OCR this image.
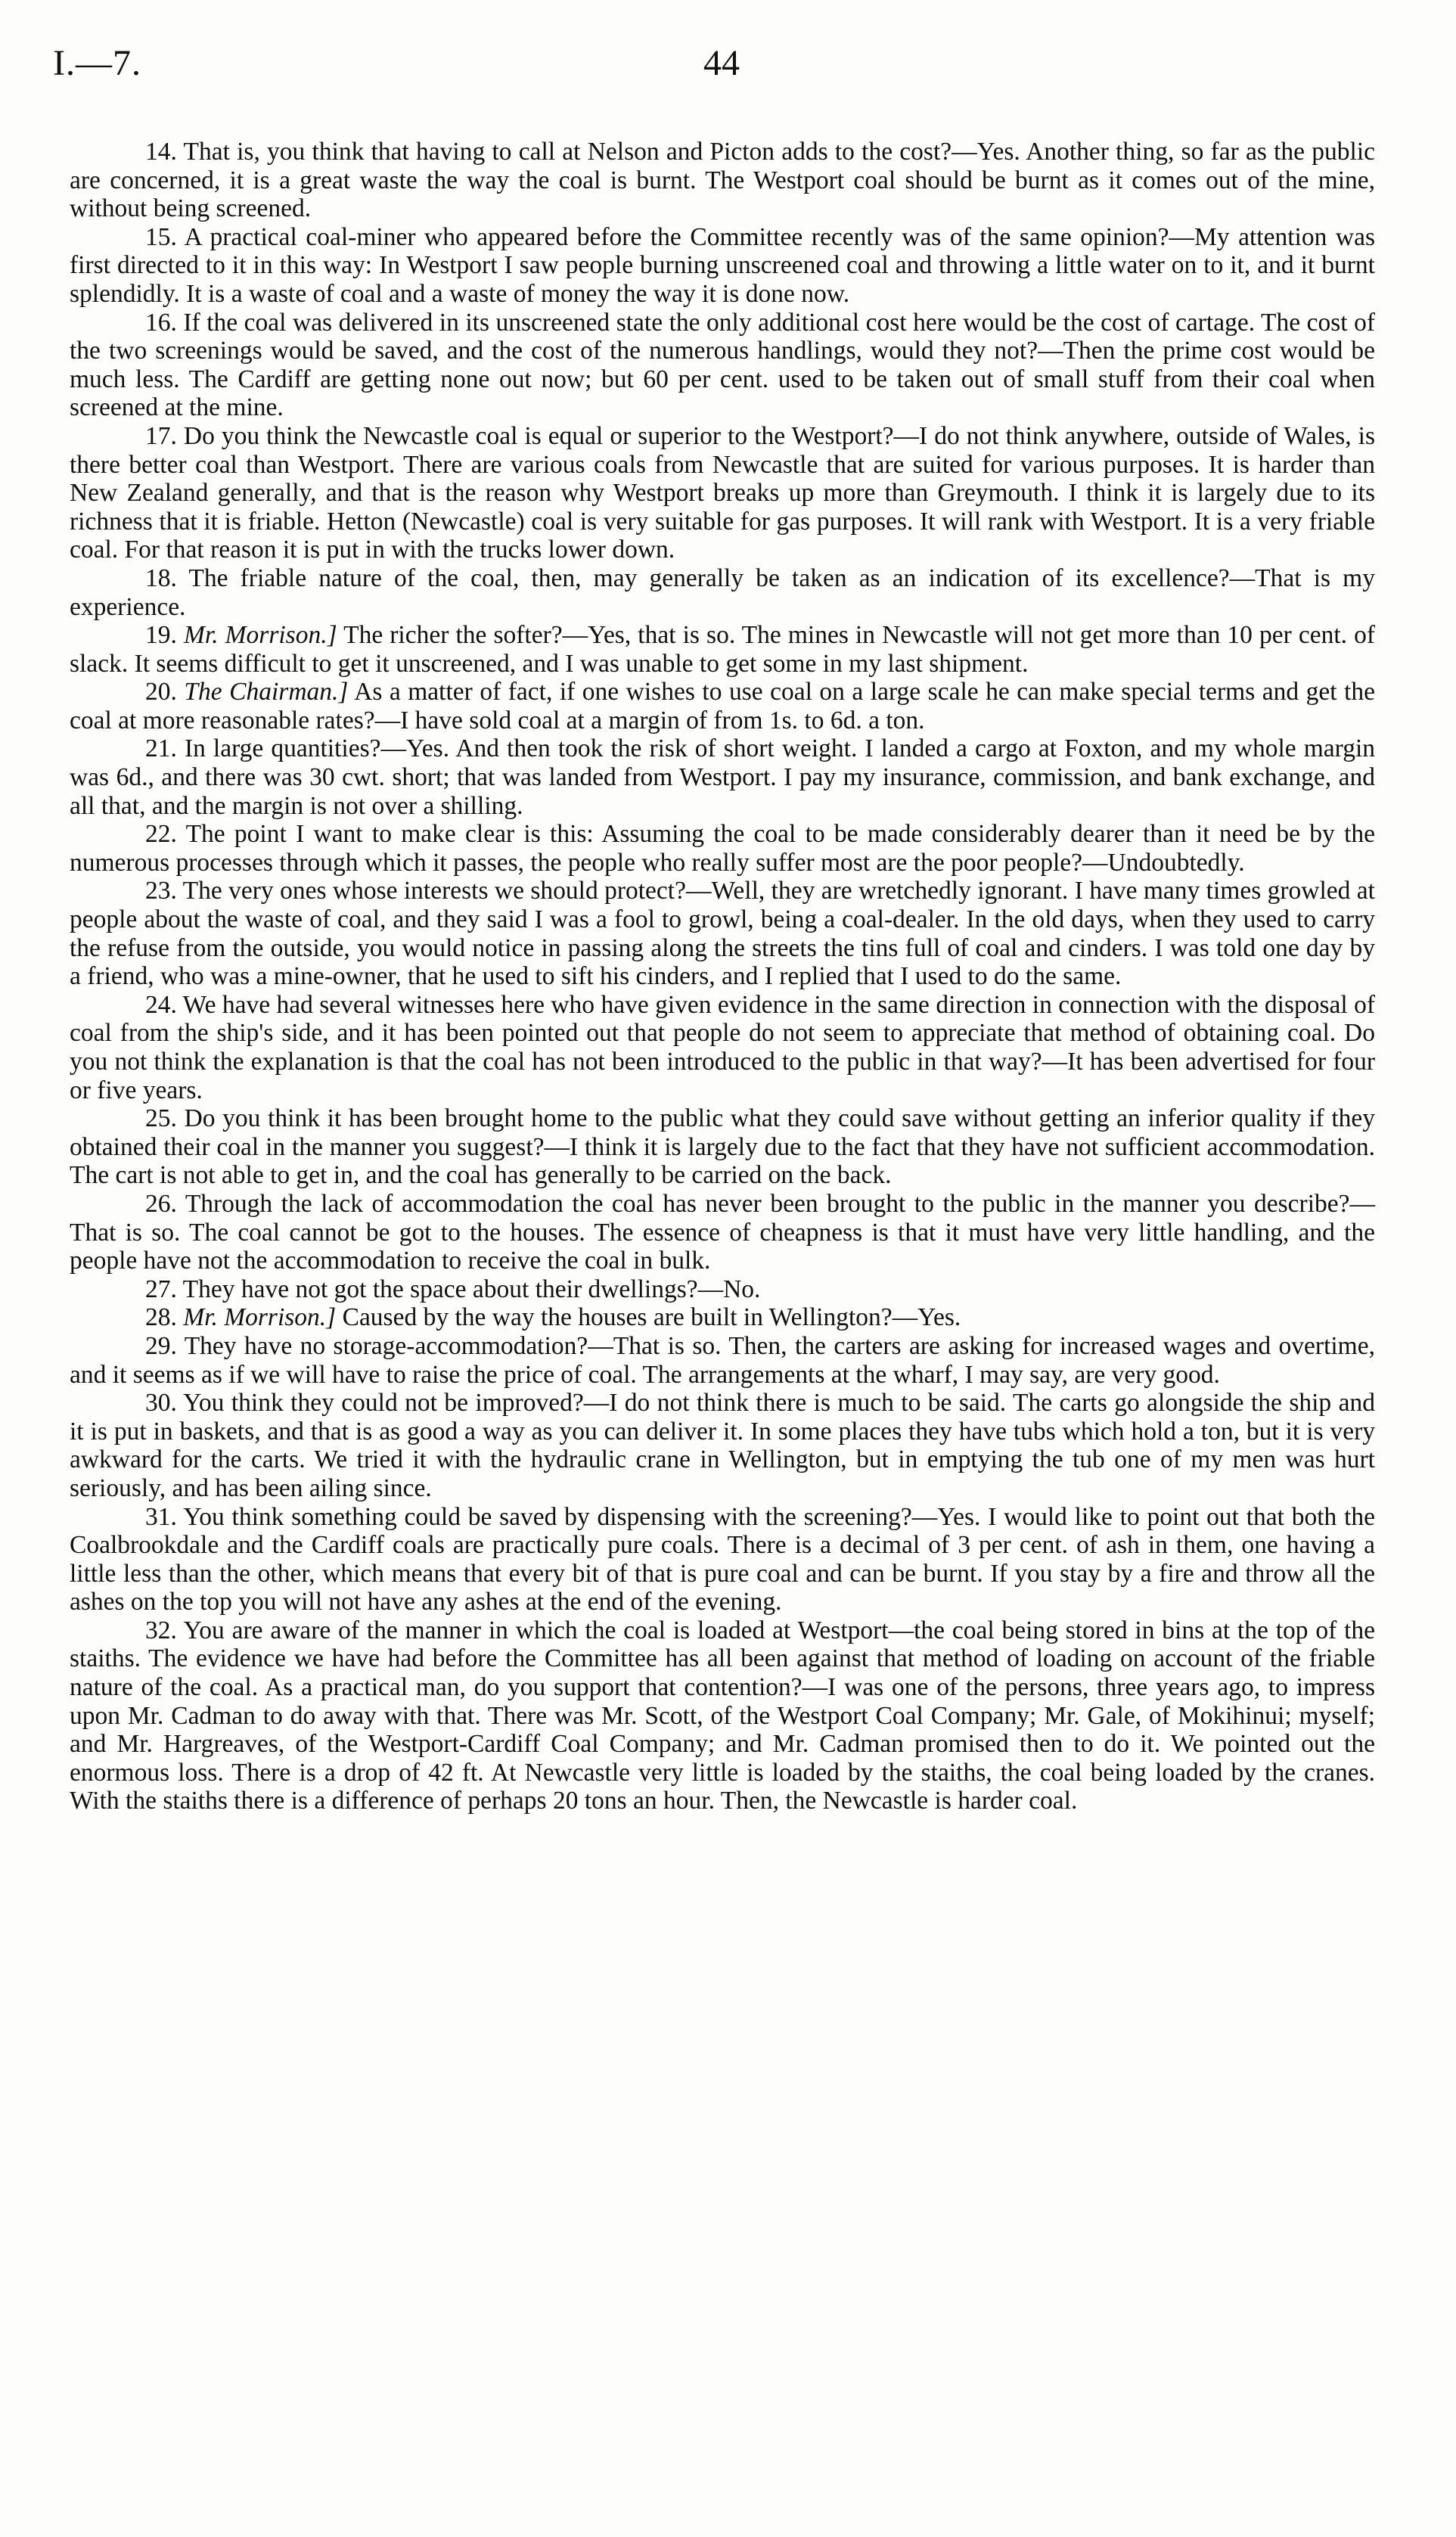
I.—7.	44

14. That is, you think that having to call at Nelson and Picton adds to the cost?—Yes. Another thing, so far as the public are concerned, it is a great waste the way the coal is burnt. The Westport coal should be burnt as it comes out of the mine, without being screened.

15. A practical coal-miner who appeared before the Committee recently was of the same opinion?—My attention was first directed to it in this way: In Westport I saw people burning unscreened coal and throwing a little water on to it, and it burnt splendidly. It is a waste of coal and a waste of money the way it is done now.

16. If the coal was delivered in its unscreened state the only additional cost here would be the cost of cartage. The cost of the two screenings would be saved, and the cost of the numerous handlings, would they not?—Then the prime cost would be much less. The Cardiff are getting none out now; but 60 per cent. used to be taken out of small stuff from their coal when screened at the mine.

17. Do you think the Newcastle coal is equal or superior to the Westport?—I do not think anywhere, outside of Wales, is there better coal than Westport. There are various coals from Newcastle that are suited for various purposes. It is harder than New Zealand generally, and that is the reason why Westport breaks up more than Greymouth. I think it is largely due to its richness that it is friable. Hetton (Newcastle) coal is very suitable for gas purposes. It will rank with Westport. It is a very friable coal. For that reason it is put in with the trucks lower down.

18. The friable nature of the coal, then, may generally be taken as an indication of its excellence?—That is my experience.

19. Mr. Morrison.] The richer the softer?—Yes, that is so. The mines in Newcastle will not get more than 10 per cent. of slack. It seems difficult to get it unscreened, and I was unable to get some in my last shipment.

20. The Chairman.] As a matter of fact, if one wishes to use coal on a large scale he can make special terms and get the coal at more reasonable rates?—I have sold coal at a margin of from 1s. to 6d. a ton.

21. In large quantities?—Yes. And then took the risk of short weight. I landed a cargo at Foxton, and my whole margin was 6d., and there was 30 cwt. short; that was landed from Westport. I pay my insurance, commission, and bank exchange, and all that, and the margin is not over a shilling.

22. The point I want to make clear is this: Assuming the coal to be made considerably dearer than it need be by the numerous processes through which it passes, the people who really suffer most are the poor people?—Undoubtedly.

23. The very ones whose interests we should protect?—Well, they are wretchedly ignorant. I have many times growled at people about the waste of coal, and they said I was a fool to growl, being a coal-dealer. In the old days, when they used to carry the refuse from the outside, you would notice in passing along the streets the tins full of coal and cinders. I was told one day by a friend, who was a mine-owner, that he used to sift his cinders, and I replied that I used to do the same.

24. We have had several witnesses here who have given evidence in the same direction in connection with the disposal of coal from the ship's side, and it has been pointed out that people do not seem to appreciate that method of obtaining coal. Do you not think the explanation is that the coal has not been introduced to the public in that way?—It has been advertised for four or five years.

25. Do you think it has been brought home to the public what they could save without getting an inferior quality if they obtained their coal in the manner you suggest?—I think it is largely due to the fact that they have not sufficient accommodation. The cart is not able to get in, and the coal has generally to be carried on the back.

26. Through the lack of accommodation the coal has never been brought to the public in the manner you describe?—That is so. The coal cannot be got to the houses. The essence of cheapness is that it must have very little handling, and the people have not the accommodation to receive the coal in bulk.

27. They have not got the space about their dwellings?—No.

28. Mr. Morrison.] Caused by the way the houses are built in Wellington?—Yes.

29. They have no storage-accommodation?—That is so. Then, the carters are asking for increased wages and overtime, and it seems as if we will have to raise the price of coal. The arrangements at the wharf, I may say, are very good.

30. You think they could not be improved?—I do not think there is much to be said. The carts go alongside the ship and it is put in baskets, and that is as good a way as you can deliver it. In some places they have tubs which hold a ton, but it is very awkward for the carts. We tried it with the hydraulic crane in Wellington, but in emptying the tub one of my men was hurt seriously, and has been ailing since.

31. You think something could be saved by dispensing with the screening?—Yes. I would like to point out that both the Coalbrookdale and the Cardiff coals are practically pure coals. There is a decimal of 3 per cent. of ash in them, one having a little less than the other, which means that every bit of that is pure coal and can be burnt. If you stay by a fire and throw all the ashes on the top you will not have any ashes at the end of the evening.

32. You are aware of the manner in which the coal is loaded at Westport—the coal being stored in bins at the top of the staiths. The evidence we have had before the Committee has all been against that method of loading on account of the friable nature of the coal. As a practical man, do you support that contention?—I was one of the persons, three years ago, to impress upon Mr. Cadman to do away with that. There was Mr. Scott, of the Westport Coal Company; Mr. Gale, of Mokihinui; myself; and Mr. Hargreaves, of the Westport-Cardiff Coal Company; and Mr. Cadman promised then to do it. We pointed out the enormous loss. There is a drop of 42 ft. At Newcastle very little is loaded by the staiths, the coal being loaded by the cranes. With the staiths there is a difference of perhaps 20 tons an hour. Then, the Newcastle is harder coal.
